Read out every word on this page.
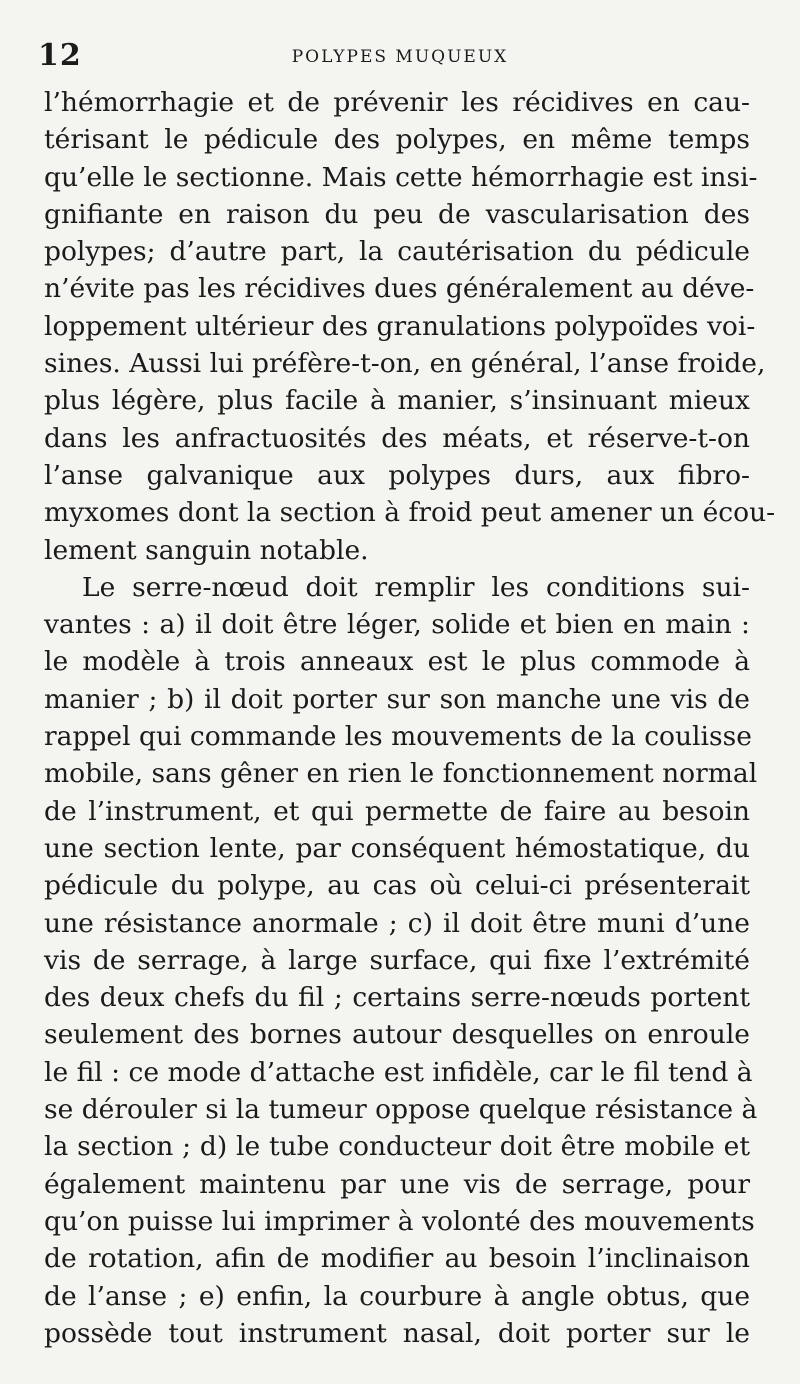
12	POLYPES MUQUEUX
l’hémorrhagie et de prévenir les récidives en cau-
térisant le pédicule des polypes, en même temps
qu’elle le sectionne. Mais cette hémorrhagie est insi-
gnifiante en raison du peu de vascularisation des
polypes; d’autre part, la cautérisation du pédicule
n’évite pas les récidives dues généralement au déve-
loppement ultérieur des granulations polypoïdes voi-
sines. Aussi lui préfère-t-on, en général, l’anse froide,
plus légère, plus facile à manier, s’insinuant mieux
dans les anfractuosités des méats, et réserve-t-on
l’anse galvanique aux polypes durs, aux fibro-
myxomes dont la section à froid peut amener un écou-
lement sanguin notable.
Le serre-nœud doit remplir les conditions sui-
vantes : a) il doit être léger, solide et bien en main :
le modèle à trois anneaux est le plus commode à
manier ; b) il doit porter sur son manche une vis de
rappel qui commande les mouvements de la coulisse
mobile, sans gêner en rien le fonctionnement normal
de l’instrument, et qui permette de faire au besoin
une section lente, par conséquent hémostatique, du
pédicule du polype, au cas où celui-ci présenterait
une résistance anormale ; c) il doit être muni d’une
vis de serrage, à large surface, qui fixe l’extrémité
des deux chefs du fil ; certains serre-nœuds portent
seulement des bornes autour desquelles on enroule
le fil : ce mode d’attache est infidèle, car le fil tend à
se dérouler si la tumeur oppose quelque résistance à
la section ; d) le tube conducteur doit être mobile et
également maintenu par une vis de serrage, pour
qu’on puisse lui imprimer à volonté des mouvements
de rotation, afin de modifier au besoin l’inclinaison
de l’anse ; e) enfin, la courbure à angle obtus, que
possède tout instrument nasal, doit porter sur le
